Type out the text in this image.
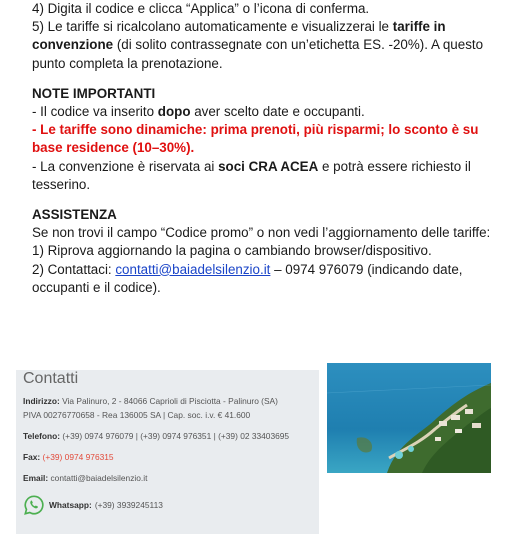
4) Digita il codice e clicca “Applica” o l’icona di conferma.

5) Le tariffe si ricalcolano automaticamente e visualizzerai le tariffe in convenzione (di solito contrassegnate con un’etichetta ES. -20%). A questo punto completa la prenotazione.

NOTE IMPORTANTI

- Il codice va inserito dopo aver scelto date e occupanti.

- Le tariffe sono dinamiche: prima prenoti, più risparmi; lo sconto è su base residence (10–30%).

- La convenzione è riservata ai soci CRA ACEA e potrà essere richiesto il tesserino.

ASSISTENZA

Se non trovi il campo “Codice promo” o non vedi l’aggiornamento delle tariffe:

1) Riprova aggiornando la pagina o cambiando browser/dispositivo.

2) Contattaci: contatti@baiadelsilenzio.it – 0974 976079 (indicando date, occupanti e il codice).

Contatti
Indirizzo: Via Palinuro, 2 - 84066 Caprioli di Pisciotta - Palinuro (SA)
PIVA 00276770658 - Rea 136005 SA | Cap. soc. i.v. € 41.600
Telefono: (+39) 0974 976079 | (+39) 0974 976351 | (+39) 02 33403695
Fax: (+39) 0974 976315
Email: contatti@baiadelsilenzio.it
Whatsapp: (+39) 3939245113
